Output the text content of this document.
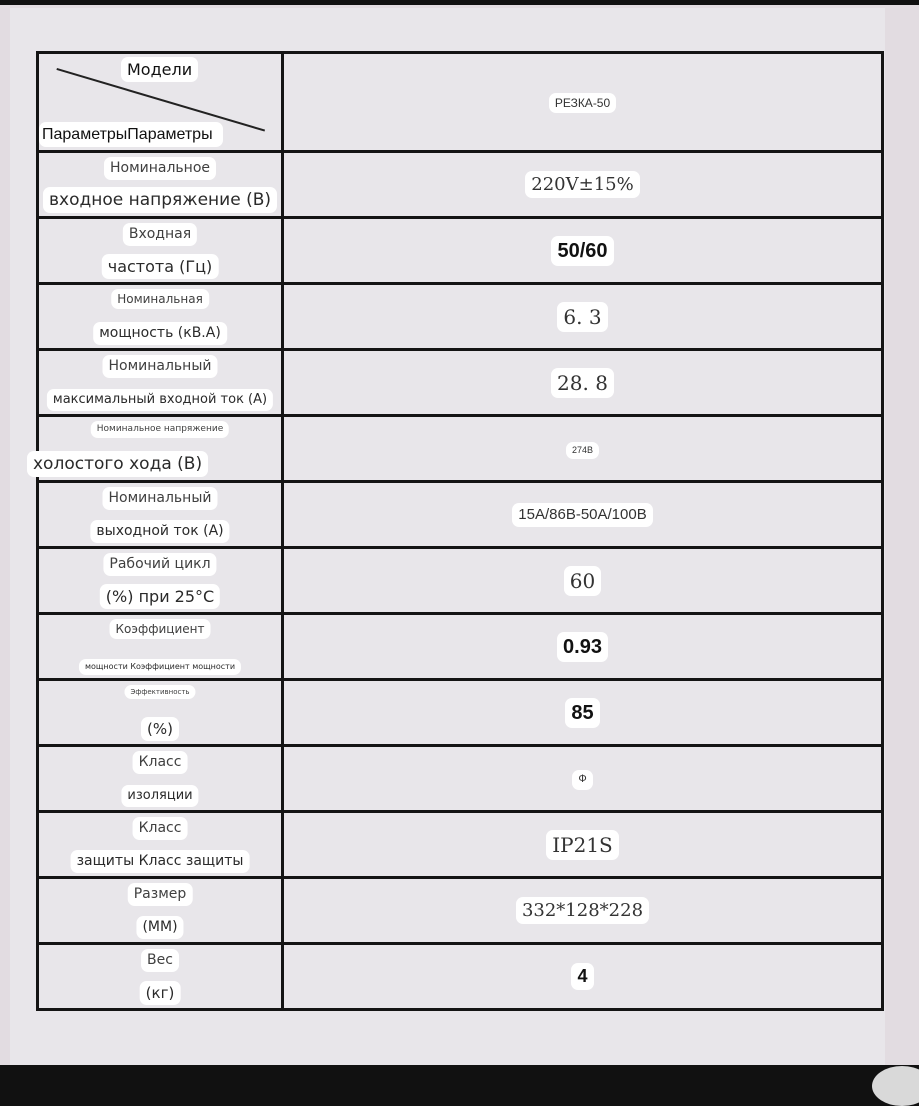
Модели
ПараметрыПараметры	РЕЗКА-50

Номинальное
входное напряжение (В)	220V±15%

Входная
частота (Гц)	50/60

Номинальная
мощность (кВ.А)	6. 3

Номинальный
максимальный входной ток (А)	28. 8

Номинальное напряжение
холостого хода (В)	274В

Номинальный
выходной ток (А)	15А/86В-50А/100В

Рабочий цикл
(%) при 25°C	60

Коэффициент
мощности Коэффициент мощности	0.93

Эффективность
(%)	85

Класс
изоляции	Ф

Класс
защиты Класс защиты	IP21S

Размер
(ММ)	332*128*228

Вес
(кг)	4
